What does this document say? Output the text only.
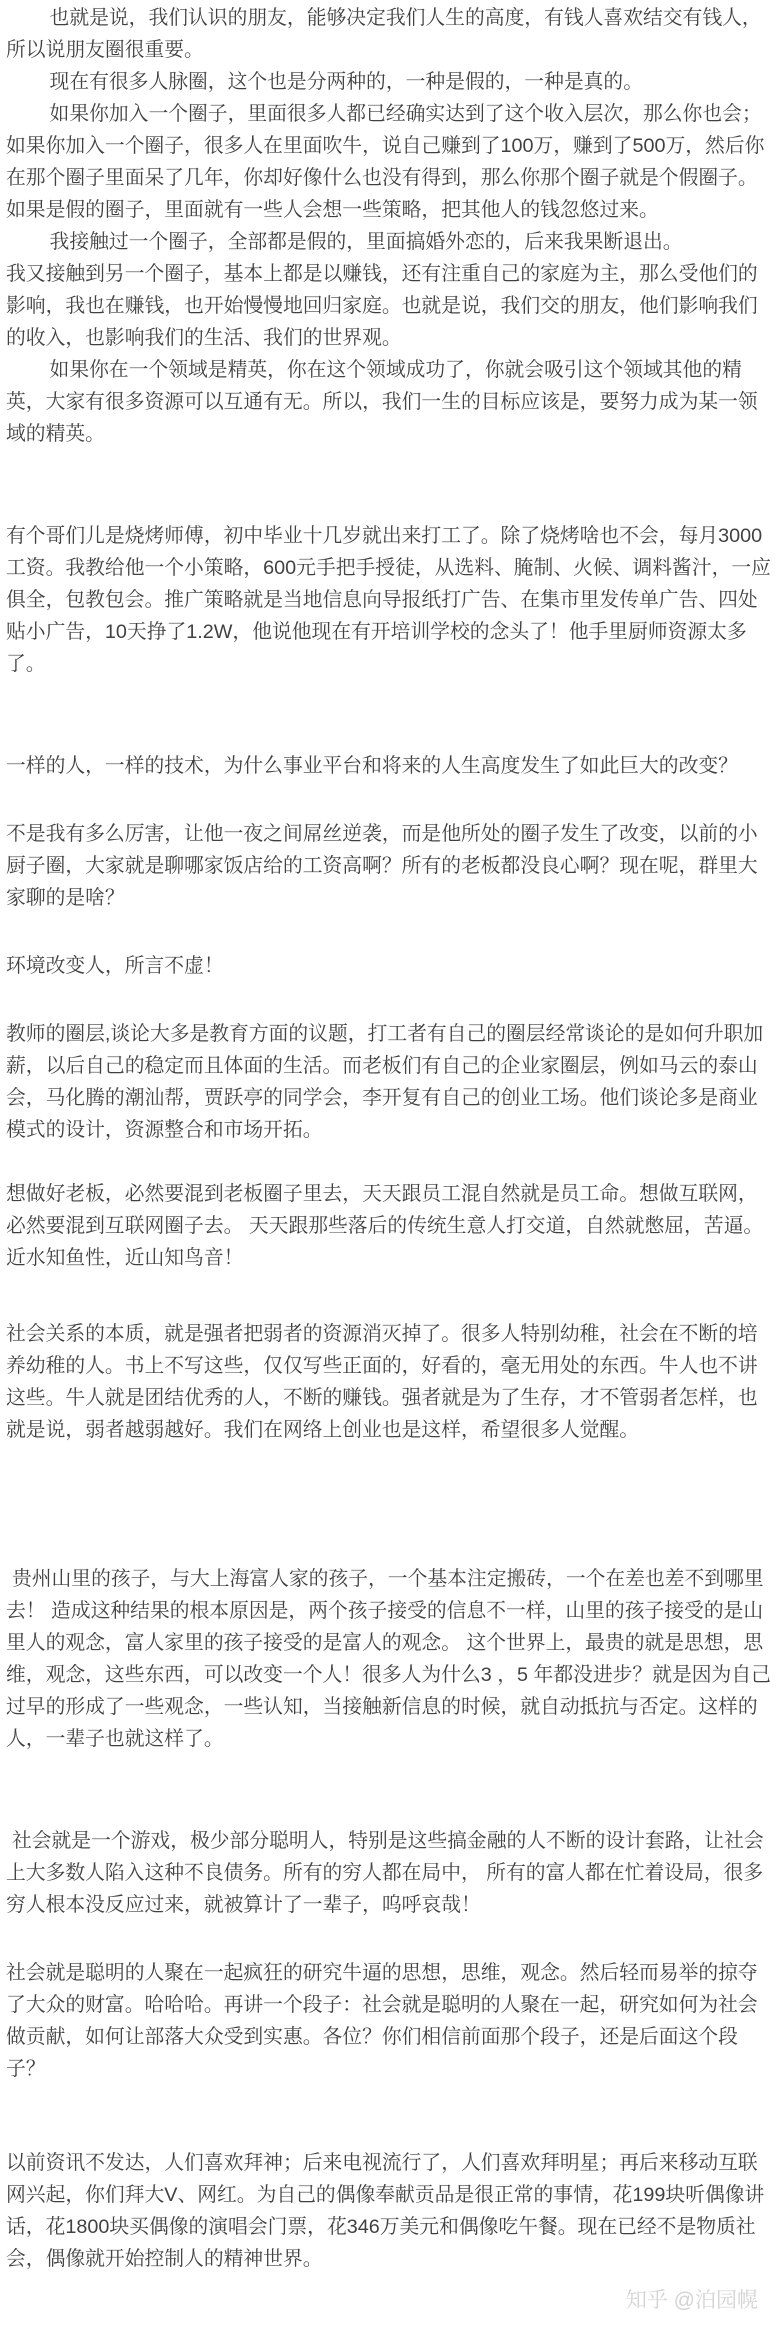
也就是说，我们认识的朋友，能够决定我们人生的高度，有钱人喜欢结交有钱人，所以说朋友圈很重要。

现在有很多人脉圈，这个也是分两种的，一种是假的，一种是真的。

如果你加入一个圈子，里面很多人都已经确实达到了这个收入层次，那么你也会；如果你加入一个圈子，很多人在里面吹牛，说自己赚到了100万，赚到了500万，然后你在那个圈子里面呆了几年，你却好像什么也没有得到，那么你那个圈子就是个假圈子。如果是假的圈子，里面就有一些人会想一些策略，把其他人的钱忽悠过来。

我接触过一个圈子，全部都是假的，里面搞婚外恋的，后来我果断退出。

我又接触到另一个圈子，基本上都是以赚钱，还有注重自己的家庭为主，那么受他们的影响，我也在赚钱，也开始慢慢地回归家庭。也就是说，我们交的朋友，他们影响我们的收入，也影响我们的生活、我们的世界观。

如果你在一个领域是精英，你在这个领域成功了，你就会吸引这个领域其他的精英，大家有很多资源可以互通有无。所以，我们一生的目标应该是，要努力成为某一领域的精英。

有个哥们儿是烧烤师傅，初中毕业十几岁就出来打工了。除了烧烤啥也不会，每月3000工资。我教给他一个小策略，600元手把手授徒，从选料、腌制、火候、调料酱汁，一应俱全，包教包会。推广策略就是当地信息向导报纸打广告、在集市里发传单广告、四处贴小广告，10天挣了1.2W，他说他现在有开培训学校的念头了！他手里厨师资源太多了。

一样的人，一样的技术，为什么事业平台和将来的人生高度发生了如此巨大的改变？

不是我有多么厉害，让他一夜之间屌丝逆袭，而是他所处的圈子发生了改变，以前的小厨子圈，大家就是聊哪家饭店给的工资高啊？所有的老板都没良心啊？现在呢，群里大家聊的是啥？

环境改变人，所言不虚！

教师的圈层,谈论大多是教育方面的议题，打工者有自己的圈层经常谈论的是如何升职加薪，以后自己的稳定而且体面的生活。而老板们有自己的企业家圈层，例如马云的泰山会，马化腾的潮汕帮，贾跃亭的同学会，李开复有自己的创业工场。他们谈论多是商业模式的设计，资源整合和市场开拓。

想做好老板，必然要混到老板圈子里去，天天跟员工混自然就是员工命。想做互联网，必然要混到互联网圈子去。 天天跟那些落后的传统生意人打交道，自然就憋屈，苦逼。近水知鱼性，近山知鸟音！

社会关系的本质，就是强者把弱者的资源消灭掉了。很多人特别幼稚，社会在不断的培养幼稚的人。书上不写这些，仅仅写些正面的，好看的，毫无用处的东西。牛人也不讲这些。牛人就是团结优秀的人，不断的赚钱。强者就是为了生存，才不管弱者怎样，也就是说，弱者越弱越好。我们在网络上创业也是这样，希望很多人觉醒。

贵州山里的孩子，与大上海富人家的孩子，一个基本注定搬砖，一个在差也差不到哪里去！ 造成这种结果的根本原因是，两个孩子接受的信息不一样，山里的孩子接受的是山里人的观念，富人家里的孩子接受的是富人的观念。 这个世界上，最贵的就是思想，思维，观念，这些东西，可以改变一个人！很多人为什么3 ，5 年都没进步？就是因为自己过早的形成了一些观念，一些认知，当接触新信息的时候，就自动抵抗与否定。这样的人，一辈子也就这样了。

社会就是一个游戏，极少部分聪明人，特别是这些搞金融的人不断的设计套路，让社会上大多数人陷入这种不良债务。所有的穷人都在局中， 所有的富人都在忙着设局，很多穷人根本没反应过来，就被算计了一辈子，呜呼哀哉！

社会就是聪明的人聚在一起疯狂的研究牛逼的思想，思维，观念。然后轻而易举的掠夺了大众的财富。哈哈哈。再讲一个段子：社会就是聪明的人聚在一起，研究如何为社会做贡献，如何让部落大众受到实惠。各位？你们相信前面那个段子，还是后面这个段子？

以前资讯不发达，人们喜欢拜神；后来电视流行了，人们喜欢拜明星；再后来移动互联网兴起，你们拜大V、网红。为自己的偶像奉献贡品是很正常的事情，花199块听偶像讲话，花1800块买偶像的演唱会门票，花346万美元和偶像吃午餐。现在已经不是物质社会，偶像就开始控制人的精神世界。

知乎 @泊园幌
